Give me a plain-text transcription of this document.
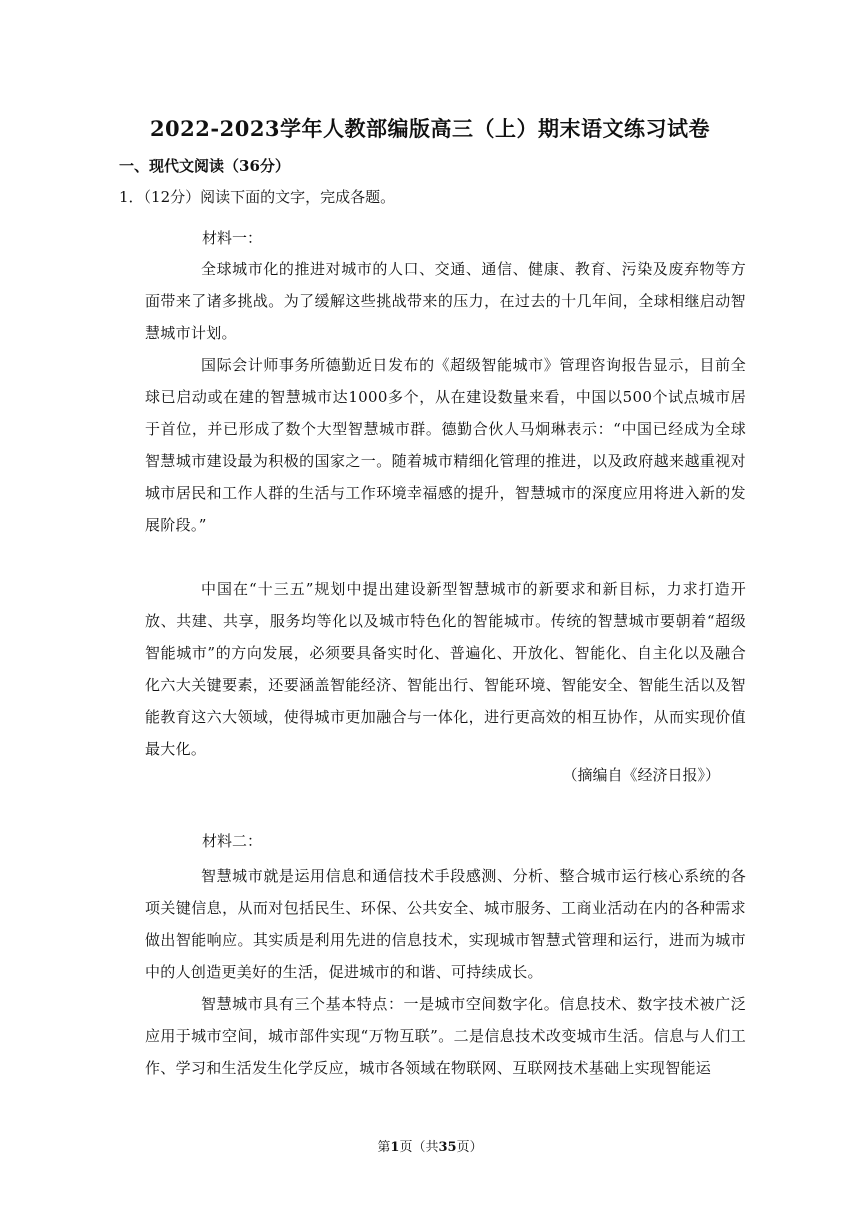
2022-2023学年人教部编版高三（上）期末语文练习试卷
一、现代文阅读（36分）
1．（12分）阅读下面的文字，完成各题。
材料一：

全球城市化的推进对城市的人口、交通、通信、健康、教育、污染及废弃物等方面带来了诸多挑战。为了缓解这些挑战带来的压力，在过去的十几年间，全球相继启动智慧城市计划。

国际会计师事务所德勤近日发布的《超级智能城市》管理咨询报告显示，目前全球已启动或在建的智慧城市达1000多个，从在建设数量来看，中国以500个试点城市居于首位，并已形成了数个大型智慧城市群。德勤合伙人马炯琳表示：“中国已经成为全球智慧城市建设最为积极的国家之一。随着城市精细化管理的推进，以及政府越来越重视对城市居民和工作人群的生活与工作环境幸福感的提升，智慧城市的深度应用将进入新的发展阶段。”

中国在“十三五”规划中提出建设新型智慧城市的新要求和新目标，力求打造开放、共建、共享，服务均等化以及城市特色化的智能城市。传统的智慧城市要朝着“超级智能城市”的方向发展，必须要具备实时化、普遍化、开放化、智能化、自主化以及融合化六大关键要素，还要涵盖智能经济、智能出行、智能环境、智能安全、智能生活以及智能教育这六大领域，使得城市更加融合与一体化，进行更高效的相互协作，从而实现价值最大化。

（摘编自《经济日报》）
材料二：

智慧城市就是运用信息和通信技术手段感测、分析、整合城市运行核心系统的各项关键信息，从而对包括民生、环保、公共安全、城市服务、工商业活动在内的各种需求做出智能响应。其实质是利用先进的信息技术，实现城市智慧式管理和运行，进而为城市中的人创造更美好的生活，促进城市的和谐、可持续成长。

智慧城市具有三个基本特点：一是城市空间数字化。信息技术、数字技术被广泛应用于城市空间，城市部件实现“万物互联”。二是信息技术改变城市生活。信息与人们工作、学习和生活发生化学反应，城市各领域在物联网、互联网技术基础上实现智能运

第1页（共35页）
